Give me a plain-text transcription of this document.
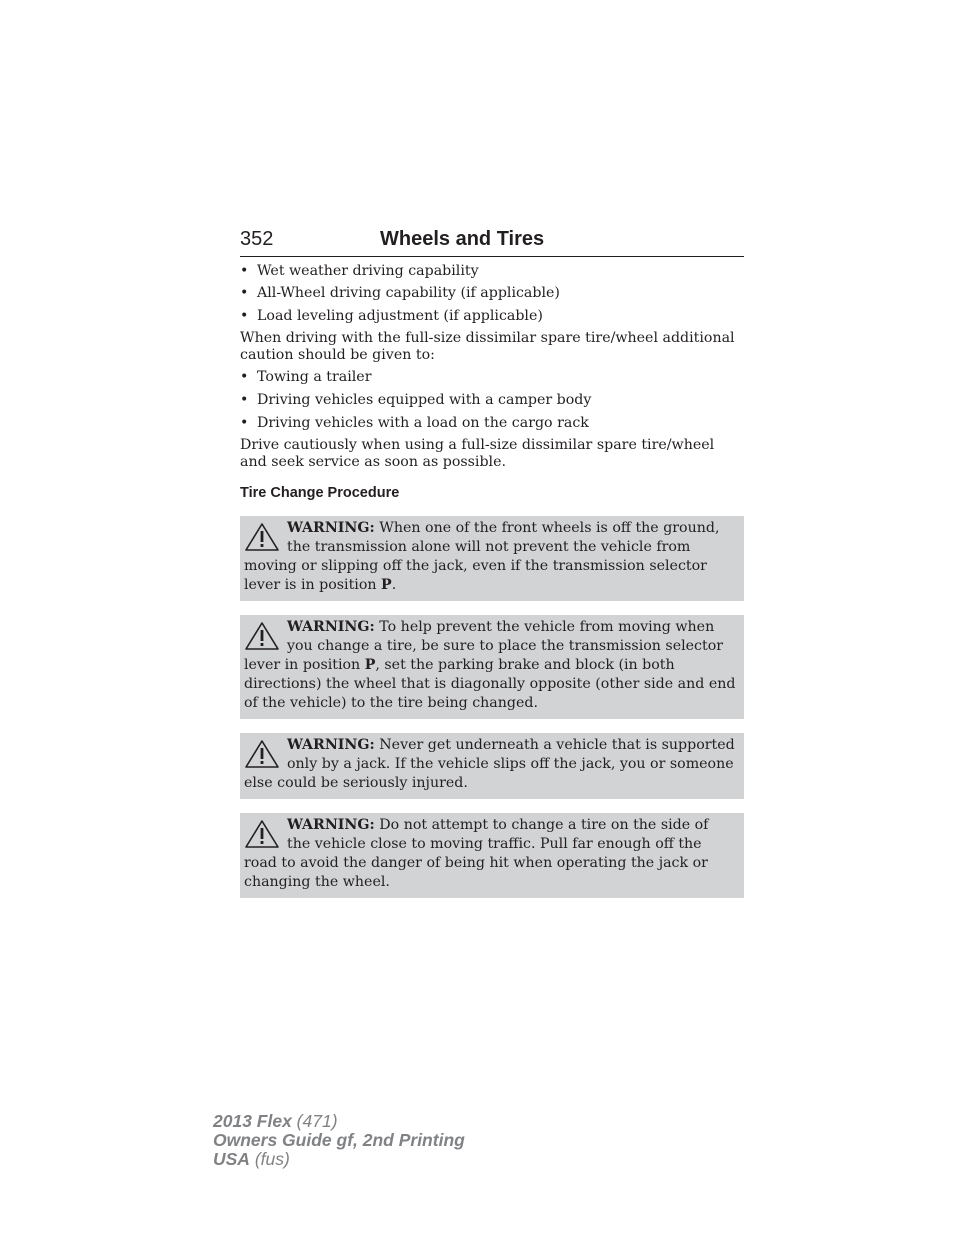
352	Wheels and Tires
• Wet weather driving capability
• All-Wheel driving capability (if applicable)
• Load leveling adjustment (if applicable)

When driving with the full-size dissimilar spare tire/wheel additional caution should be given to:

• Towing a trailer
• Driving vehicles equipped with a camper body
• Driving vehicles with a load on the cargo rack

Drive cautiously when using a full-size dissimilar spare tire/wheel and seek service as soon as possible.

Tire Change Procedure

WARNING: When one of the front wheels is off the ground, the transmission alone will not prevent the vehicle from moving or slipping off the jack, even if the transmission selector lever is in position P.

WARNING: To help prevent the vehicle from moving when you change a tire, be sure to place the transmission selector lever in position P, set the parking brake and block (in both directions) the wheel that is diagonally opposite (other side and end of the vehicle) to the tire being changed.

WARNING: Never get underneath a vehicle that is supported only by a jack. If the vehicle slips off the jack, you or someone else could be seriously injured.

WARNING: Do not attempt to change a tire on the side of the vehicle close to moving traffic. Pull far enough off the road to avoid the danger of being hit when operating the jack or changing the wheel.

2013 Flex (471)
Owners Guide gf, 2nd Printing
USA (fus)
